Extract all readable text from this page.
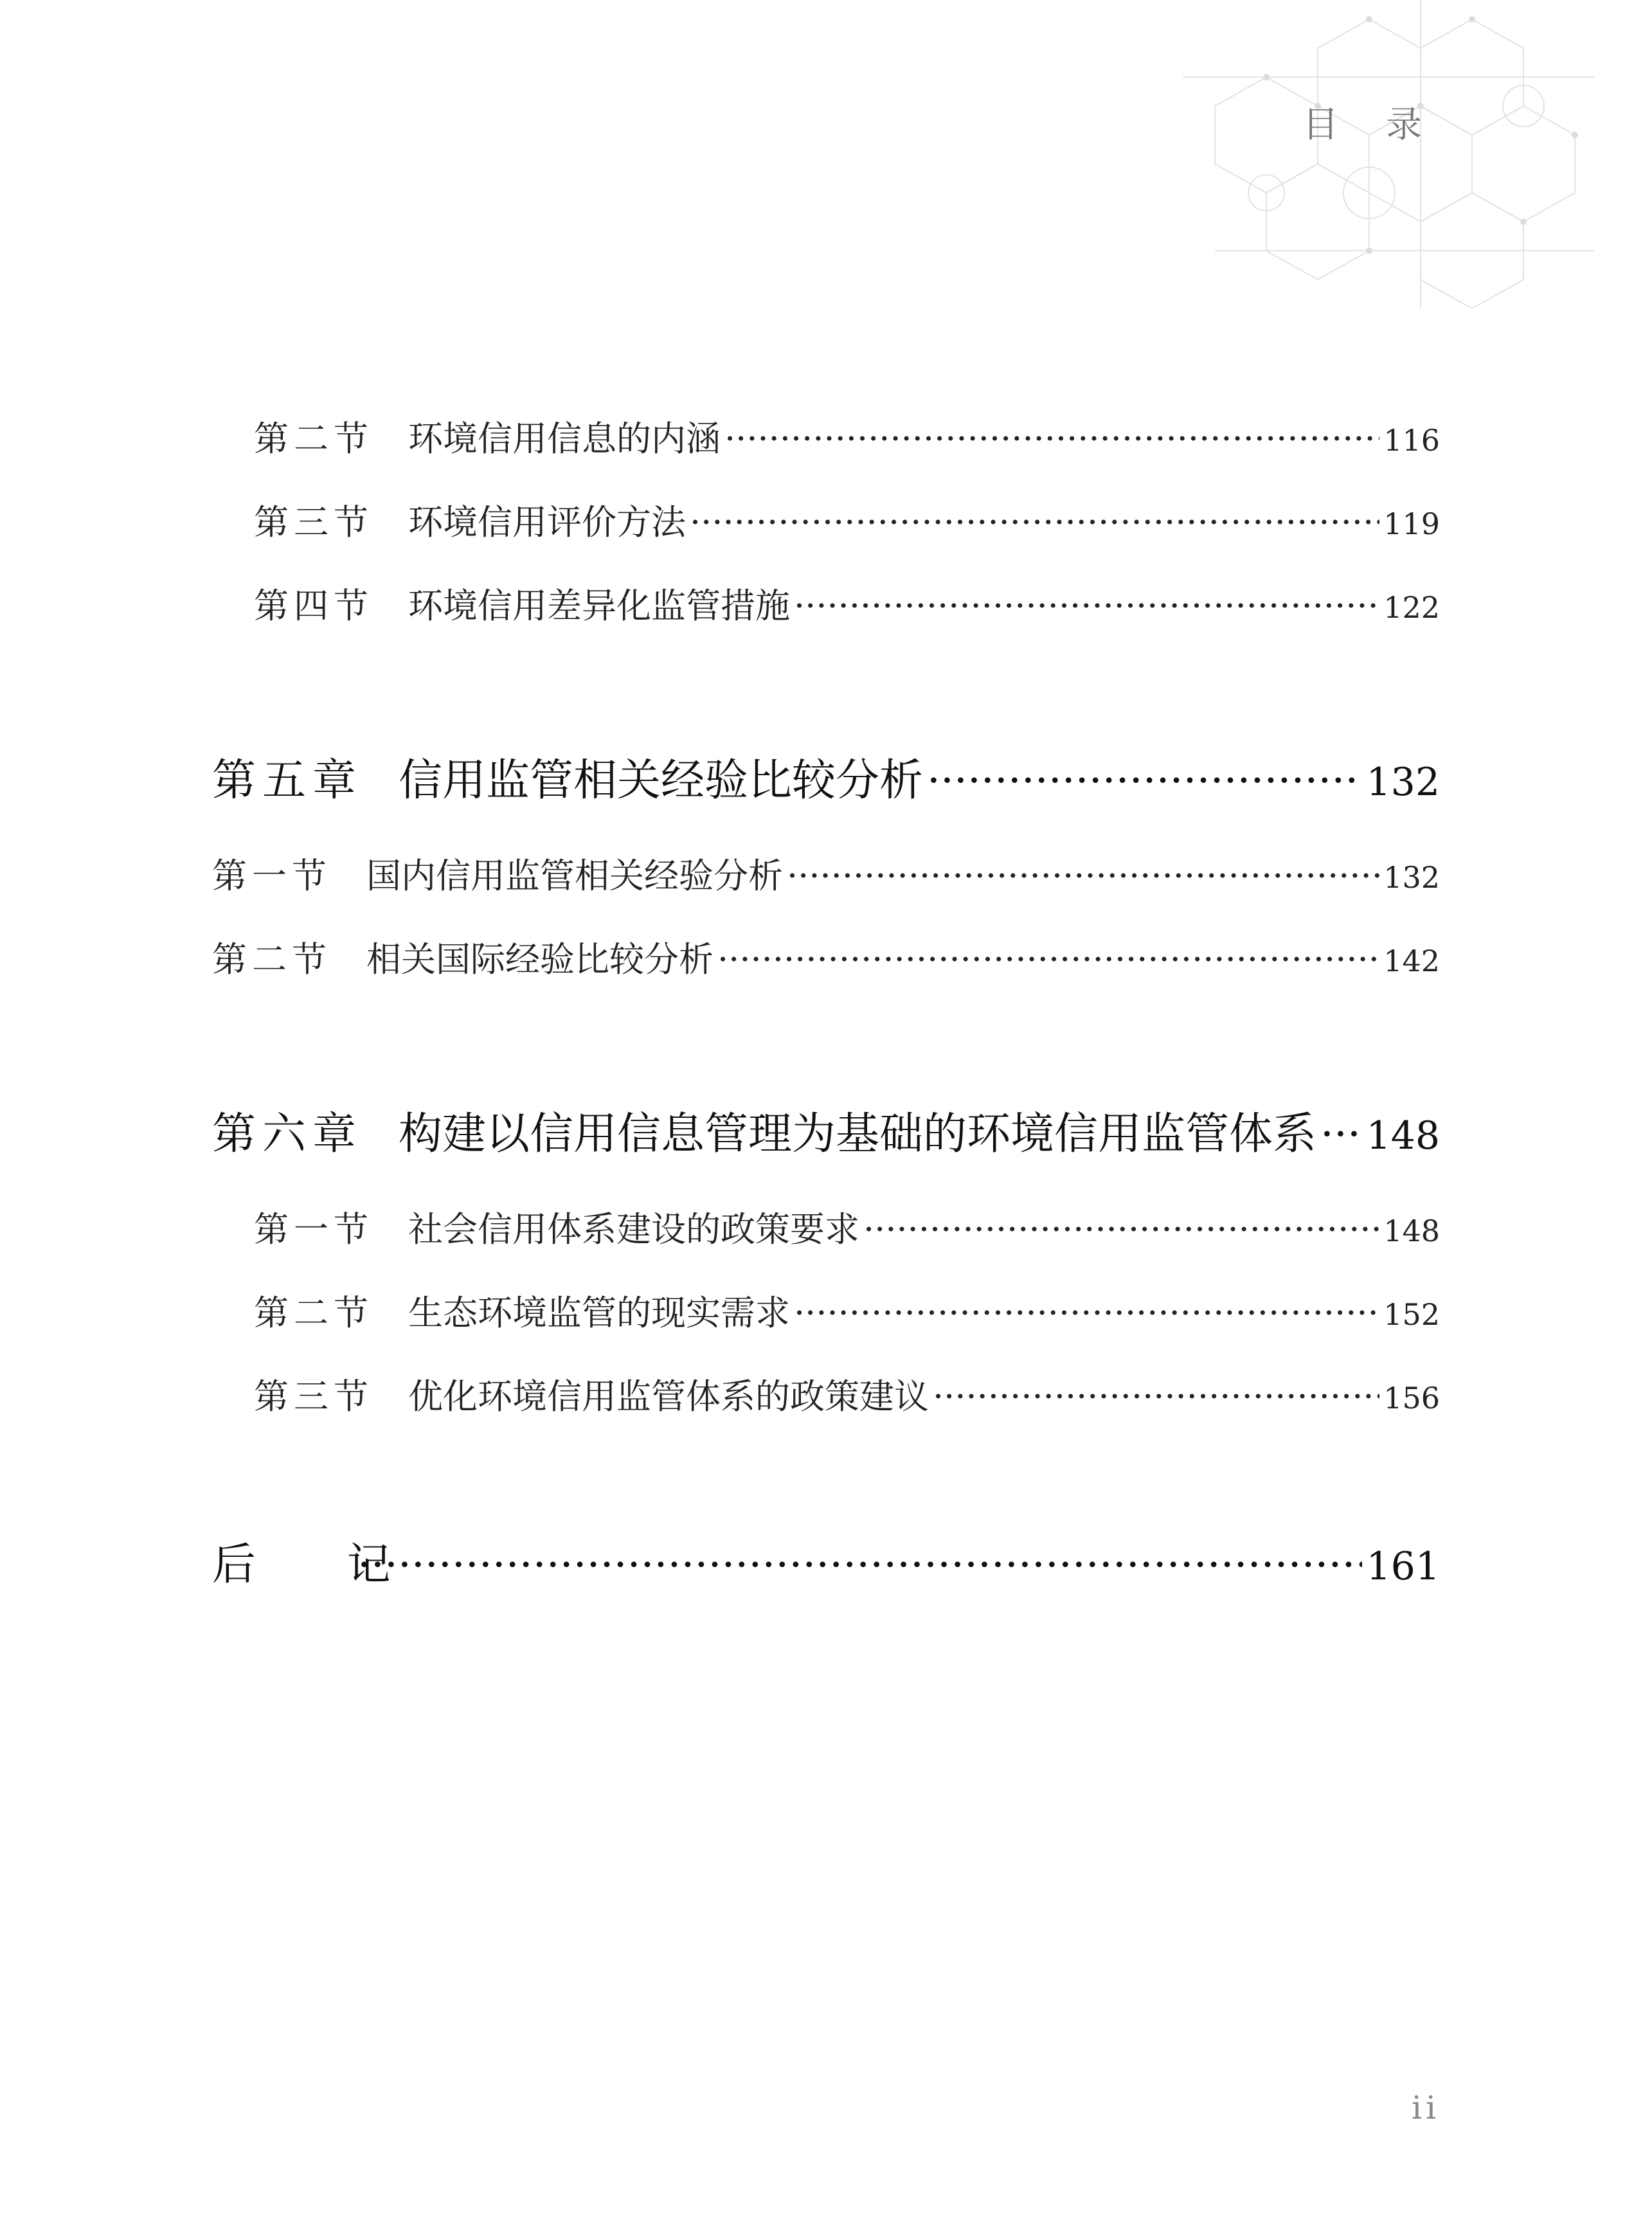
目 录
第二节	环境信用信息的内涵 ·····	116
第三节	环境信用评价方法 ·····	119
第四节	环境信用差异化监管措施 ·····	122
第五章 信用监管相关经验比较分析 ·····	132
第一节	国内信用监管相关经验分析 ·····	132
第二节	相关国际经验比较分析 ·····	142
第六章 构建以信用信息管理为基础的环境信用监管体系 ····· 148
第一节	社会信用体系建设的政策要求 ·····	148
第二节	生态环境监管的现实需求 ·····	152
第三节	优化环境信用监管体系的政策建议 ·····	156
后 记 ·····	161
ii
